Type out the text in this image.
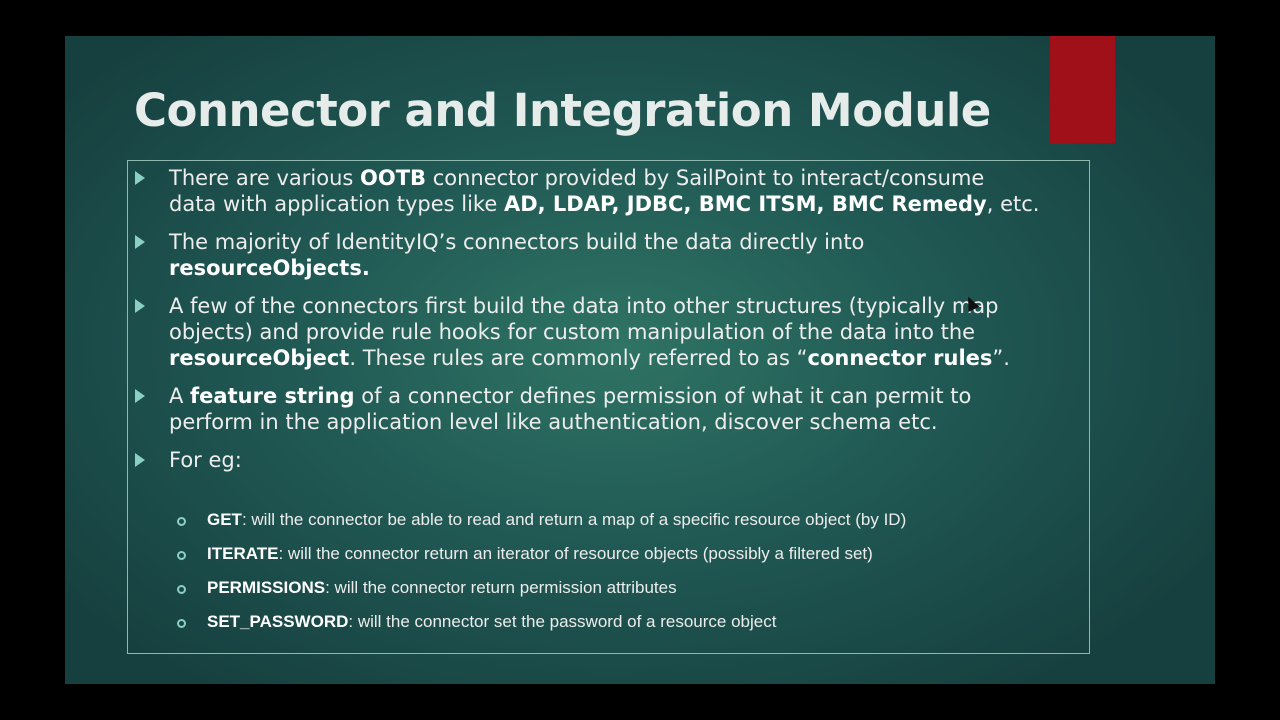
Connector and Integration Module
There are various OOTB connector provided by SailPoint to interact/consume
data with application types like AD, LDAP, JDBC, BMC ITSM, BMC Remedy, etc.
The majority of IdentityIQ’s connectors build the data directly into
resourceObjects.
A few of the connectors first build the data into other structures (typically map
objects) and provide rule hooks for custom manipulation of the data into the
resourceObject. These rules are commonly referred to as “connector rules”.
A feature string of a connector defines permission of what it can permit to
perform in the application level like authentication, discover schema etc.
For eg:
GET: will the connector be able to read and return a map of a specific resource object (by ID)
ITERATE: will the connector return an iterator of resource objects (possibly a filtered set)
PERMISSIONS: will the connector return permission attributes
SET_PASSWORD: will the connector set the password of a resource object
